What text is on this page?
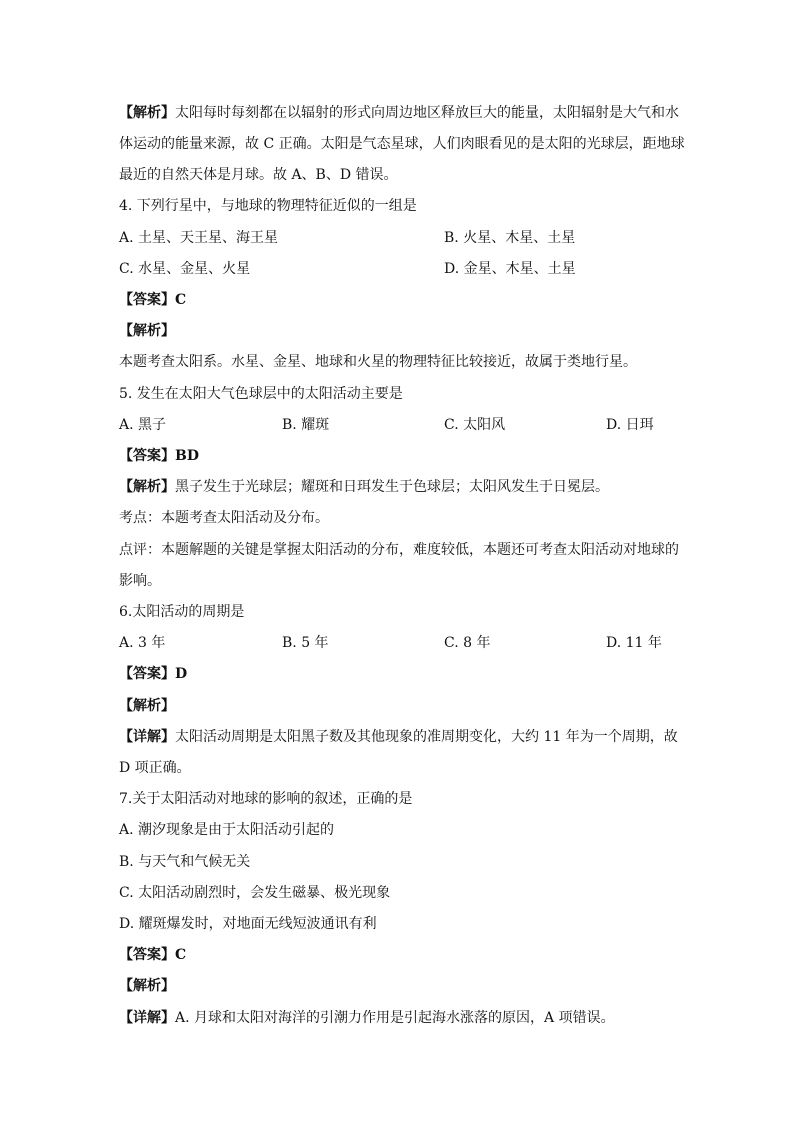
【解析】太阳每时每刻都在以辐射的形式向周边地区释放巨大的能量，太阳辐射是大气和水
体运动的能量来源，故 C 正确。太阳是气态星球，人们肉眼看见的是太阳的光球层，距地球
最近的自然天体是月球。故 A、B、D 错误。
4. 下列行星中，与地球的物理特征近似的一组是
A. 土星、天王星、海王星	B. 火星、木星、土星
C. 水星、金星、火星	D. 金星、木星、土星
【答案】C
【解析】
本题考查太阳系。水星、金星、地球和火星的物理特征比较接近，故属于类地行星。
5. 发生在太阳大气色球层中的太阳活动主要是
A. 黑子	B. 耀斑	C. 太阳风	D. 日珥
【答案】BD
【解析】黑子发生于光球层；耀斑和日珥发生于色球层；太阳风发生于日冕层。
考点：本题考查太阳活动及分布。
点评：本题解题的关键是掌握太阳活动的分布，难度较低，本题还可考查太阳活动对地球的
影响。
6.太阳活动的周期是
A. 3 年	B. 5 年	C. 8 年	D. 11 年
【答案】D
【解析】
【详解】太阳活动周期是太阳黑子数及其他现象的准周期变化，大约 11 年为一个周期，故
D 项正确。
7.关于太阳活动对地球的影响的叙述，正确的是
A. 潮汐现象是由于太阳活动引起的
B. 与天气和气候无关
C. 太阳活动剧烈时，会发生磁暴、极光现象
D. 耀斑爆发时，对地面无线短波通讯有利
【答案】C
【解析】
【详解】A. 月球和太阳对海洋的引潮力作用是引起海水涨落的原因，A 项错误。
